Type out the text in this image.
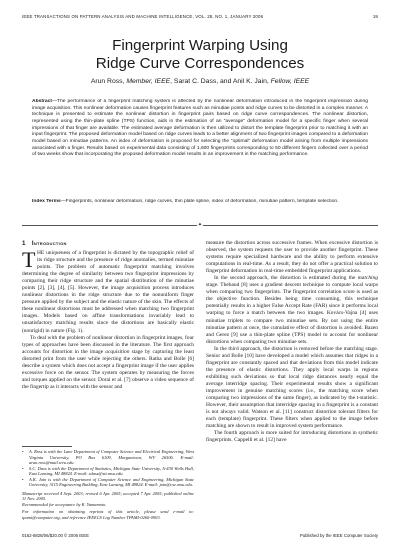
IEEE TRANSACTIONS ON PATTERN ANALYSIS AND MACHINE INTELLIGENCE, VOL. 28, NO. 1, JANUARY 2006	19
Fingerprint Warping Using
Ridge Curve Correspondences
Arun Ross, Member, IEEE, Sarat C. Dass, and Anil K. Jain, Fellow, IEEE
Abstract—The performance of a fingerprint matching system is affected by the nonlinear deformation introduced in the fingerprint impression during image acquisition. This nonlinear deformation causes fingerprint features such as minutiae points and ridge curves to be distorted in a complex manner. A technique is presented to estimate the nonlinear distortion in fingerprint pairs based on ridge curve correspondences. The nonlinear distortion, represented using the thin-plate spline (TPS) function, aids in the estimation of an “average” deformation model for a specific finger when several impressions of that finger are available. The estimated average deformation is then utilized to distort the template fingerprint prior to matching it with an input fingerprint. The proposed deformation model based on ridge curves leads to a better alignment of two fingerprint images compared to a deformation model based on minutiae patterns. An index of deformation is proposed for selecting the “optimal” deformation model arising from multiple impressions associated with a finger. Results based on experimental data consisting of 1,600 fingerprints corresponding to 50 different fingers collected over a period of two weeks show that incorporating the proposed deformation model results in an improvement in the matching performance.
Index Terms—Fingerprints, nonlinear deformation, ridge curves, thin plate spline, index of deformation, minutiae pattern, template selection.
✦
1 Introduction

THE uniqueness of a fingerprint is dictated by the topographic relief of its ridge structure and the presence of ridge anomalies, termed minutiae points. The problem of automatic fingerprint matching involves determining the degree of similarity between two fingerprint impressions by comparing their ridge structure and the spatial distribution of the minutiae points [2], [3], [4], [5]. However, the image acquisition process introduces nonlinear distortions in the ridge structure due to the nonuniform finger pressure applied by the subject and the elastic nature of the skin. The effects of these nonlinear distortions must be addressed when matching two fingerprint images. Models based on affine transformations invariably lead to unsatisfactory matching results since the distortions are basically elastic (nonrigid) in nature (Fig. 1).

To deal with the problem of nonlinear distortion in fingerprint images, four types of approaches have been discussed in the literature. The first approach accounts for distortion in the image acquisition stage by capturing the least distorted print from the user while rejecting the others. Ratha and Bolle [6] describe a system which does not accept a fingerprint image if the user applies excessive force on the sensor. The system operates by measuring the forces and torques applied on the sensor. Dorai et al. [7] observe a video sequence of the fingertip as it interacts with the sensor and

measure the distortion across successive frames. When excessive distortion is observed, the system requests the user to provide another fingerprint. These systems require specialized hardware and the ability to perform extensive computations in real-time. As a result, they do not offer a practical solution to fingerprint deformation in real-time embedded fingerprint applications.

In the second approach, the distortion is estimated during the matching stage. Thebaud [8] uses a gradient descent technique to compute local warps when comparing two fingerprints. The fingerprint correlation score is used as the objective function. Besides being time consuming, this technique potentially results in a higher False Accept Rate (FAR) since it performs local warping to force a match between the two images. Kovács-Vajna [4] uses minutiae triplets to compare two minutiae sets. By not using the entire minutiae pattern at once, the cumulative effect of distortion is avoided. Bazen and Gerez [9] use a thin-plate spline (TPS) model to account for nonlinear distortions when comparing two minutiae sets.

In the third approach, the distortion is removed before the matching stage. Senior and Bolle [10] have developed a model which assumes that ridges in a fingerprint are constantly spaced and that deviations from this model indicate the presence of elastic distortions. They apply local warps in regions exhibiting such deviations so that local ridge distances nearly equal the average interridge spacing. Their experimental results show a significant improvement in genuine matching scores (i.e., the matching score when comparing two impressions of the same finger), as indicated by the t-statistic. However, their assumption that interridge spacing in a fingerprint is a constant is not always valid. Watson et al. [11] construct distortion tolerant filters for each (template) fingerprint. These filters when applied to the image before matching are shown to result in improved system performance.

The fourth approach is more suited for introducing distortions in synthetic fingerprints. Cappelli et al. [12] have

•	A. Ross is with the Lane Department of Computer Science and Electrical Engineering, West Virginia University, PO Box 6109, Morgantown, WV 26506. E-mail: arun.ross@mail.wvu.edu.
•	S.C. Dass is with the Department of Statistics, Michigan State University, A-430 Wells Hall, East Lansing, MI 48824. E-mail: sdass@stt.msu.edu.
•	A.K. Jain is with the Department of Computer Science and Engineering, Michigan State University, 3115 Engineering Building, East Lansing, MI 48824. E-mail: jain@cse.msu.edu.
Manuscript received 4 Sept. 2003; revised 6 Apr. 2005; accepted 7 Apr. 2005; published online 11 Nov. 2005.
Recommended for acceptance by K. Yamamoto.
For information on obtaining reprints of this article, please send e-mail to: tpami@computer.org, and reference IEEECS Log Number TPAMI-0260-0903.
0162-8828/06/$20.00 © 2006 IEEE	Published by the IEEE Computer Society
